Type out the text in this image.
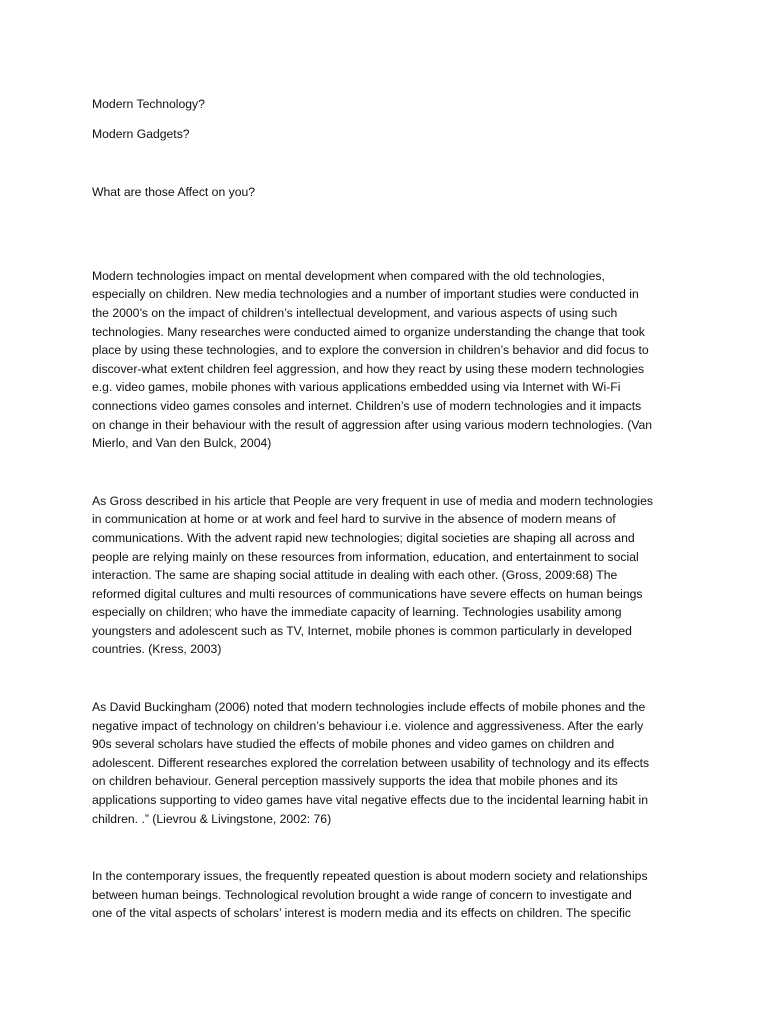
Modern Technology?

Modern Gadgets?

What are those Affect on you?

Modern technologies impact on mental development when compared with the old technologies,
especially on children. New media technologies and a number of important studies were conducted in
the 2000’s on the impact of children’s intellectual development, and various aspects of using such
technologies. Many researches were conducted aimed to organize understanding the change that took
place by using these technologies, and to explore the conversion in children’s behavior and did focus to
discover-what extent children feel aggression, and how they react by using these modern technologies
e.g. video games, mobile phones with various applications embedded using via Internet with Wi-Fi
connections video games consoles and internet. Children’s use of modern technologies and it impacts
on change in their behaviour with the result of aggression after using various modern technologies. (Van
Mierlo, and Van den Bulck, 2004)
As Gross described in his article that People are very frequent in use of media and modern technologies
in communication at home or at work and feel hard to survive in the absence of modern means of
communications. With the advent rapid new technologies; digital societies are shaping all across and
people are relying mainly on these resources from information, education, and entertainment to social
interaction. The same are shaping social attitude in dealing with each other. (Gross, 2009:68) The
reformed digital cultures and multi resources of communications have severe effects on human beings
especially on children; who have the immediate capacity of learning. Technologies usability among
youngsters and adolescent such as TV, Internet, mobile phones is common particularly in developed
countries. (Kress, 2003)
As David Buckingham (2006) noted that modern technologies include effects of mobile phones and the
negative impact of technology on children’s behaviour i.e. violence and aggressiveness. After the early
90s several scholars have studied the effects of mobile phones and video games on children and
adolescent. Different researches explored the correlation between usability of technology and its effects
on children behaviour. General perception massively supports the idea that mobile phones and its
applications supporting to video games have vital negative effects due to the incidental learning habit in
children. .” (Lievrou & Livingstone, 2002: 76)
In the contemporary issues, the frequently repeated question is about modern society and relationships
between human beings. Technological revolution brought a wide range of concern to investigate and
one of the vital aspects of scholars’ interest is modern media and its effects on children. The specific
